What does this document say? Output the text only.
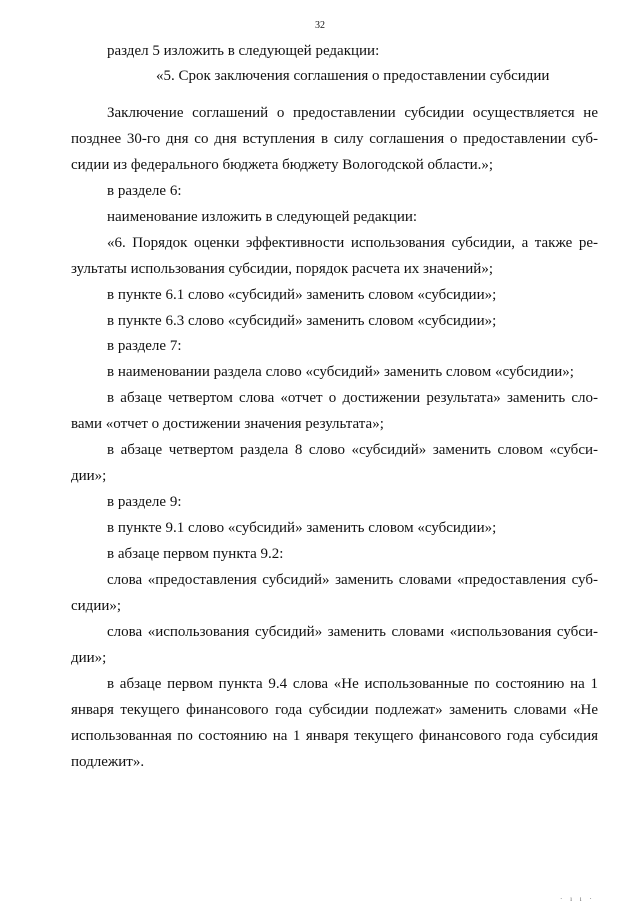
32
раздел 5 изложить в следующей редакции:
«5. Срок заключения соглашения о предоставлении субсидии
Заключение соглашений о предоставлении субсидии осуществляется не
позднее 30-го дня со дня вступления в силу соглашения о предоставлении суб-
сидии из федерального бюджета бюджету Вологодской области.»;
в разделе 6:
наименование изложить в следующей редакции:
«6. Порядок оценки эффективности использования субсидии, а также ре-
зультаты использования субсидии, порядок расчета их значений»;
в пункте 6.1 слово «субсидий» заменить словом «субсидии»;
в пункте 6.3 слово «субсидий» заменить словом «субсидии»;
в разделе 7:
в наименовании раздела слово «субсидий» заменить словом «субсидии»;
в абзаце четвертом слова «отчет о достижении результата» заменить сло-
вами «отчет о достижении значения результата»;
в абзаце четвертом раздела 8 слово «субсидий» заменить словом «субси-
дии»;
в разделе 9:
в пункте 9.1 слово «субсидий» заменить словом «субсидии»;
в абзаце первом пункта 9.2:
слова «предоставления субсидий» заменить словами «предоставления суб-
сидии»;
слова «использования субсидий» заменить словами «использования субси-
дии»;
в абзаце первом пункта 9.4 слова «Не использованные по состоянию на 1
января текущего финансового года субсидии подлежат» заменить словами «Не
использованная по состоянию на 1 января текущего финансового года субсидия
подлежит».
· ı ı ·
